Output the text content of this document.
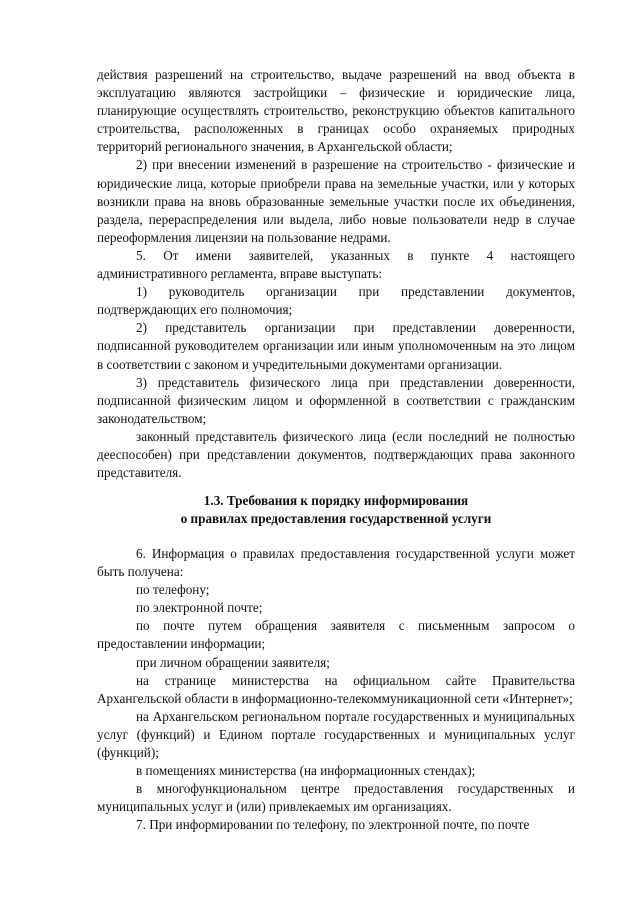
действия разрешений на строительство, выдаче разрешений на ввод объекта в эксплуатацию являются застройщики – физические и юридические лица, планирующие осуществлять строительство, реконструкцию объектов капитального строительства, расположенных в границах особо охраняемых природных территорий регионального значения, в Архангельской области;

2) при внесении изменений в разрешение на строительство - физические и юридические лица, которые приобрели права на земельные участки, или у которых возникли права на вновь образованные земельные участки после их объединения, раздела, перераспределения или выдела, либо новые пользователи недр в случае переоформления лицензии на пользование недрами.

5. От имени заявителей, указанных в пункте 4 настоящего административного регламента, вправе выступать:

1) руководитель организации при представлении документов, подтверждающих его полномочия;

2) представитель организации при представлении доверенности, подписанной руководителем организации или иным уполномоченным на это лицом в соответствии с законом и учредительными документами организации.

3) представитель физического лица при представлении доверенности, подписанной физическим лицом и оформленной в соответствии с гражданским законодательством;

законный представитель физического лица (если последний не полностью дееспособен) при представлении документов, подтверждающих права законного представителя.

1.3. Требования к порядку информирования
о правилах предоставления государственной услуги

6. Информация о правилах предоставления государственной услуги может быть получена:

по телефону;

по электронной почте;

по почте путем обращения заявителя с письменным запросом о предоставлении информации;

при личном обращении заявителя;

на странице министерства на официальном сайте Правительства Архангельской области в информационно-телекоммуникационной сети «Интернет»;

на Архангельском региональном портале государственных и муниципальных услуг (функций) и Едином портале государственных и муниципальных услуг (функций);

в помещениях министерства (на информационных стендах);

в многофункциональном центре предоставления государственных и муниципальных услуг и (или) привлекаемых им организациях.

7. При информировании по телефону, по электронной почте, по почте
